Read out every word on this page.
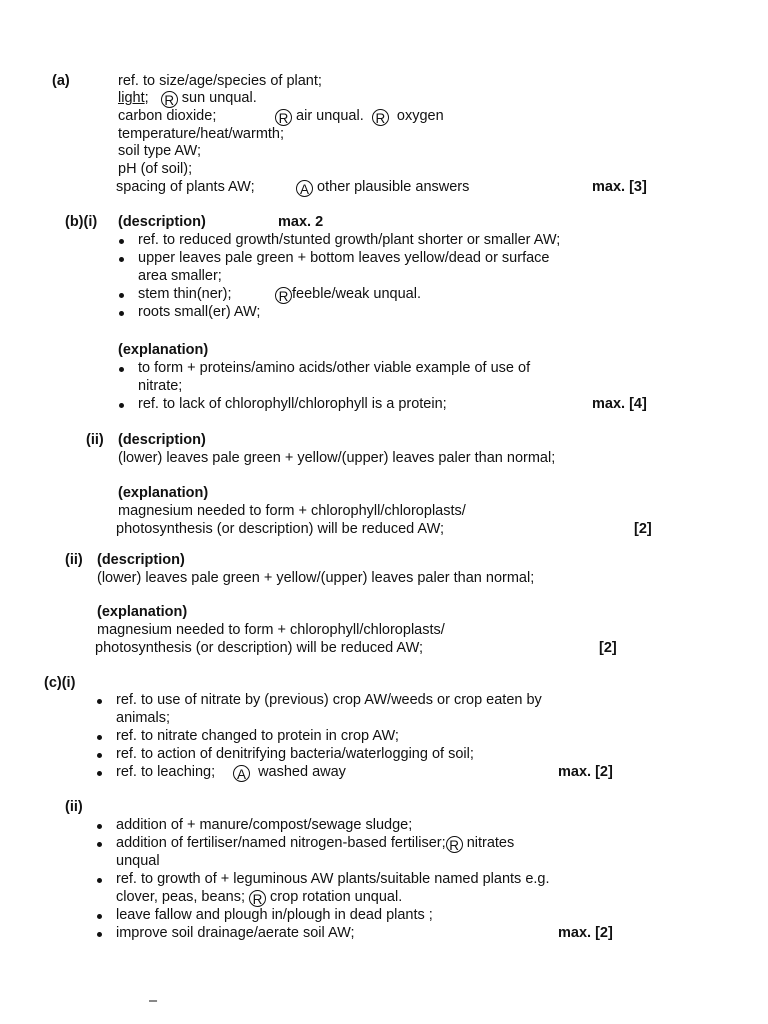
(a)	ref. to size/age/species of plant;
light; R sun unqual.
carbon dioxide;	R air unqual. R oxygen
temperature/heat/warmth;
soil type AW;
pH (of soil);
spacing of plants AW;	A other plausible answers	max. [3]
(b)(i) (description)	max. 2
ref. to reduced growth/stunted growth/plant shorter or smaller AW;
upper leaves pale green + bottom leaves yellow/dead or surface
area smaller;
stem thin(ner);	R feeble/weak unqual.
roots small(er) AW;
(explanation)
to form + proteins/amino acids/other viable example of use of
nitrate;
ref. to lack of chlorophyll/chlorophyll is a protein;	max. [4]
(ii) (description)
(lower) leaves pale green + yellow/(upper) leaves paler than normal;
(explanation)
magnesium needed to form + chlorophyll/chloroplasts/
photosynthesis (or description) will be reduced AW;	[2]
(ii) (description)
(lower) leaves pale green + yellow/(upper) leaves paler than normal;
(explanation)
magnesium needed to form + chlorophyll/chloroplasts/
photosynthesis (or description) will be reduced AW;	[2]
(c)(i)
ref. to use of nitrate by (previous) crop AW/weeds or crop eaten by
animals;
ref. to nitrate changed to protein in crop AW;
ref. to action of denitrifying bacteria/waterlogging of soil;
ref. to leaching; A washed away	max. [2]
(ii)
addition of + manure/compost/sewage sludge;
addition of fertiliser/named nitrogen-based fertiliser; R nitrates
unqual
ref. to growth of + leguminous AW plants/suitable named plants e.g.
clover, peas, beans; R crop rotation unqual.
leave fallow and plough in/plough in dead plants ;
improve soil drainage/aerate soil AW;	max. [2]
–
